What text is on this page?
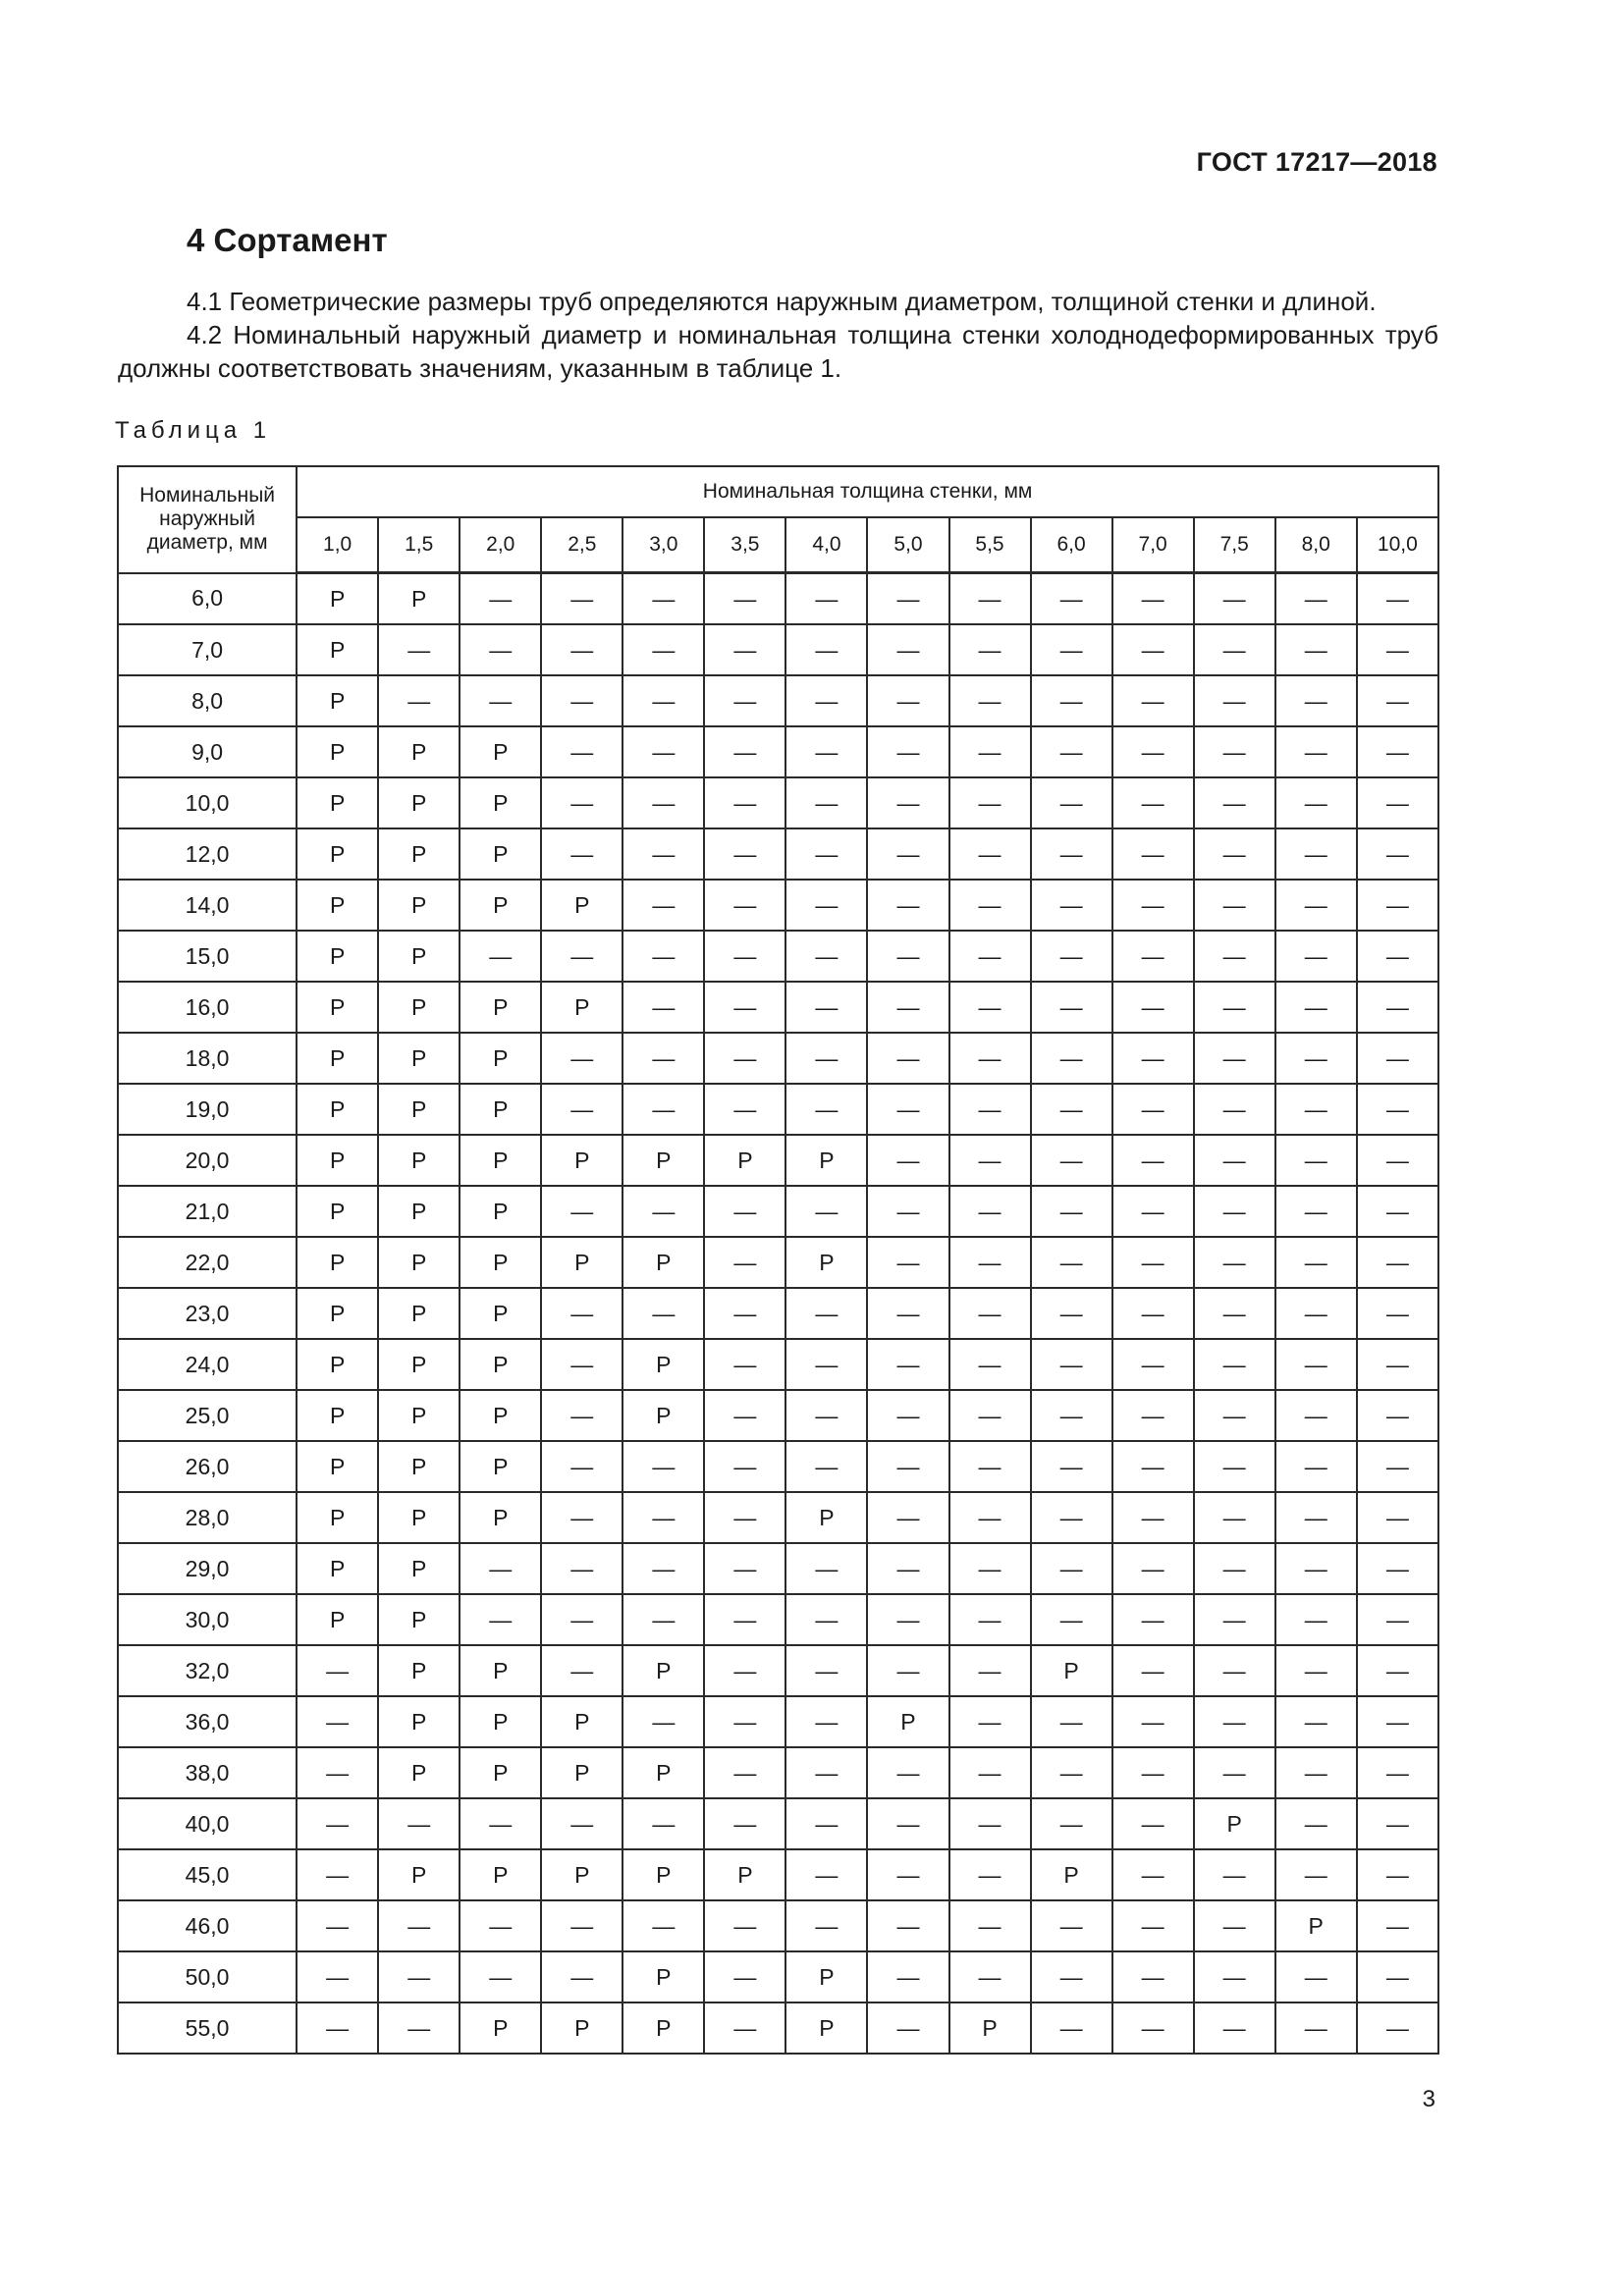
ГОСТ 17217—2018
4 Сортамент

4.1 Геометрические размеры труб определяются наружным диаметром, толщиной стенки и длиной.

4.2 Номинальный наружный диаметр и номинальная толщина стенки холоднодеформированных труб должны соответствовать значениям, указанным в таблице 1.

Таблица 1
Номинальный наружный диаметр, мм	Номинальная толщина стенки, мм													
	1,0	1,5	2,0	2,5	3,0	3,5	4,0	5,0	5,5	6,0	7,0	7,5	8,0	10,0
6,0	Р	Р	—	—	—	—	—	—	—	—	—	—	—	—
7,0	Р	—	—	—	—	—	—	—	—	—	—	—	—	—
8,0	Р	—	—	—	—	—	—	—	—	—	—	—	—	—
9,0	Р	Р	Р	—	—	—	—	—	—	—	—	—	—	—
10,0	Р	Р	Р	—	—	—	—	—	—	—	—	—	—	—
12,0	Р	Р	Р	—	—	—	—	—	—	—	—	—	—	—
14,0	Р	Р	Р	Р	—	—	—	—	—	—	—	—	—	—
15,0	Р	Р	—	—	—	—	—	—	—	—	—	—	—	—
16,0	Р	Р	Р	Р	—	—	—	—	—	—	—	—	—	—
18,0	Р	Р	Р	—	—	—	—	—	—	—	—	—	—	—
19,0	Р	Р	Р	—	—	—	—	—	—	—	—	—	—	—
20,0	Р	Р	Р	Р	Р	Р	Р	—	—	—	—	—	—	—
21,0	Р	Р	Р	—	—	—	—	—	—	—	—	—	—	—
22,0	Р	Р	Р	Р	Р	—	Р	—	—	—	—	—	—	—
23,0	Р	Р	Р	—	—	—	—	—	—	—	—	—	—	—
24,0	Р	Р	Р	—	Р	—	—	—	—	—	—	—	—	—
25,0	Р	Р	Р	—	Р	—	—	—	—	—	—	—	—	—
26,0	Р	Р	Р	—	—	—	—	—	—	—	—	—	—	—
28,0	Р	Р	Р	—	—	—	Р	—	—	—	—	—	—	—
29,0	Р	Р	—	—	—	—	—	—	—	—	—	—	—	—
30,0	Р	Р	—	—	—	—	—	—	—	—	—	—	—	—
32,0	—	Р	Р	—	Р	—	—	—	—	Р	—	—	—	—
36,0	—	Р	Р	Р	—	—	—	Р	—	—	—	—	—	—
38,0	—	Р	Р	Р	Р	—	—	—	—	—	—	—	—	—
40,0	—	—	—	—	—	—	—	—	—	—	—	Р	—	—
45,0	—	Р	Р	Р	Р	Р	—	—	—	Р	—	—	—	—
46,0	—	—	—	—	—	—	—	—	—	—	—	—	Р	—
50,0	—	—	—	—	Р	—	Р	—	—	—	—	—	—	—
55,0	—	—	Р	Р	Р	—	Р	—	Р	—	—	—	—	—
3
